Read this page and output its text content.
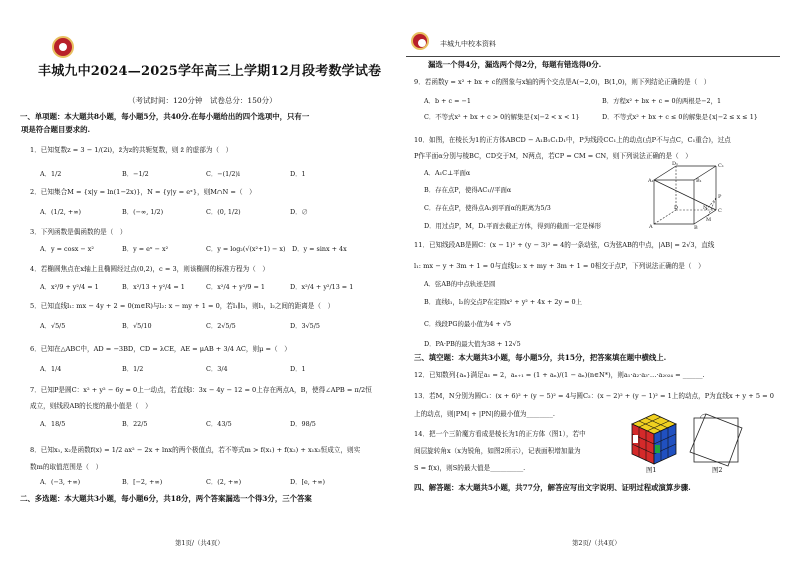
丰城九中2024—2025学年高三上学期12月段考数学试卷
（考试时间：120分钟　试卷总分：150分）
一、单项题：本大题共8小题，每小题5分，共40分.在每小题给出的四个选项中，只有一
项是符合题目要求的.
1．已知复数z = 3 − 1/(2i)，z̄为z的共轭复数，则 z̄ 的虚部为（　）
A．1/2	B．−1/2	C．−(1/2)i	D．1
2．已知集合M = {x|y = ln(1−2x)}，N = {y|y = eˣ}，则M∩N =（　）
A．(1/2, +∞)	B．(−∞, 1/2)	C．(0, 1/2)	D．∅
3．下列函数是偶函数的是（　）
A．y = cosx − x²	B．y = eˣ − x²	C．y = log₂(√(x²+1) − x) D．y = sinx + 4x
4．若椭圆焦点在x轴上且椭圆经过点(0,2)，c = 3，则该椭圆的标准方程为（　）
A．x²/9 + y²/4 = 1	B．x²/13 + y²/4 = 1	C．x²/4 + y²/9 = 1	D．x²/4 + y²/13 = 1
5．已知直线l₁: mx − 4y + 2 = 0(m∈R)与l₂: x − my + 1 = 0，若l₁∥l₂，则l₁，l₂之间的距离是（　）
A．√5/5	B．√5/10	C．2√5/5	D．3√5/5
6．已知在△ABC中，AD = −3BD，CD = λCE，AE = μAB + 3/4 AC，则μ =（　）
A．1/4	B．1/2	C．3/4	D．1
7．已知P是圆C：x² + y² − 6y = 0上一动点，若直线l：3x − 4y − 12 = 0上存在两点A，B，使得∠APB = π/2恒
成立，则线段AB的长度的最小值是（　）
A．18/5	B．22/5	C．43/5	D．98/5
8．已知x₁, x₂是函数f(x) = 1/2 ax² − 2x + lnx的两个极值点，若不等式m > f(x₁) + f(x₂) + x₁x₂恒成立，则实
数m的取值范围是（　）
A．(−3, +∞)	B．[−2, +∞)	C．(2, +∞)	D．[e, +∞)
二、多选题：本大题共3小题，每小题6分，共18分，两个答案漏选一个得3分，三个答案
第1页/（共4页）
丰城九中校本资料
漏选一个得4分，漏选两个得2分，每题有错选得0分.
9．若函数y = x² + bx + c的图象与x轴的两个交点是A(−2,0)，B(1,0)，则下列结论正确的是（　）
A．b + c = −1	B．方程x² + bx + c = 0的两根是−2，1
C．不等式x² + bx + c > 0的解集是{x|−2 < x < 1}	D．不等式x² + bx + c ≤ 0的解集是{x|−2 ≤ x ≤ 1}
10．如图，在棱长为1的正方体ABCD − A₁B₁C₁D₁中，P为线段CC₁上的动点(点P不与点C，C₁重合)，过点
P作平面α分别与棱BC，CD交于M，N两点，若CP = CM = CN，则下列说法正确的是（　）
A．A₁C⊥平面α
B．存在点P，使得AC₁//平面α
C．存在点P，使得点A₁到平面α的距离为5/3
D．用过点P，M，D₁平面去截正方体，得到的截面一定是梯形
D₁	C₁
A₁	B₁
P
D	C
N
M
A	B
11．已知线段AB是圆C：(x − 1)² + (y − 3)² = 4的一条动弦，G为弦AB的中点，|AB| = 2√3，直线
l₁: mx − y + 3m + 1 = 0与直线l₂: x + my + 3m + 1 = 0相交于点P，下列说法正确的是（　）
A．弦AB的中点轨迹是圆
B．直线l₁，l₂的交点P在定圆x² + y² + 4x + 2y = 0上
C．线段PG的最小值为4 + √5
D．PA·PB的最大值为38 + 12√5
三、填空题：本大题共3小题，每小题5分，共15分，把答案填在题中横线上.
12．已知数列{aₙ}满足a₁ = 2，aₙ₊₁ = (1 + aₙ)/(1 − aₙ)(n∈N*)，则a₁·a₂·a₃·…·a₂₀₂₄ = ______.
13．若M，N分别为圆C₁：(x + 6)² + (y − 5)² = 4与圆C₂：(x − 2)² + (y − 1)² = 1上的动点，P为直线x + y + 5 = 0
上的动点，则|PM| + |PN|的最小值为________.
14．把一个三阶魔方看成是棱长为1的正方体（图1），若中
间层旋转角x（x为锐角，如图2所示），记表面积增加量为
S = f(x)，则S的最大值是__________.	图1	图2
四、解答题：本大题共5小题，共77分，解答应写出文字说明、证明过程或演算步骤.
第2页/（共4页）
